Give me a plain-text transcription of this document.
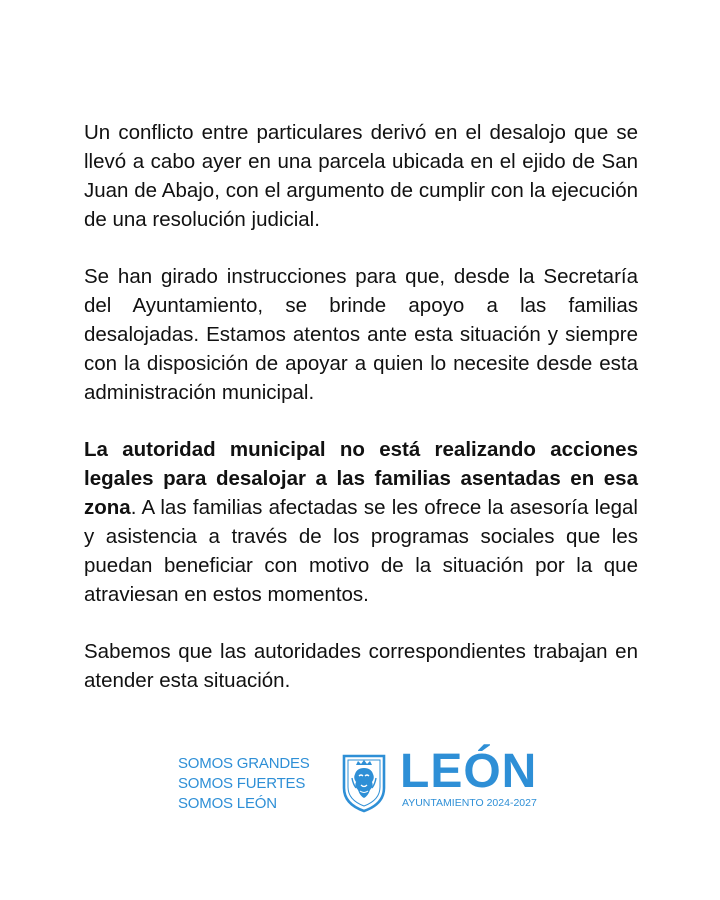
Un conflicto entre particulares derivó en el desalojo que se llevó a cabo ayer en una parcela ubicada en el ejido de San Juan de Abajo, con el argumento de cumplir con la ejecución de una resolución judicial.

Se han girado instrucciones para que, desde la Secretaría del Ayuntamiento, se brinde apoyo a las familias desalojadas. Estamos atentos ante esta situación y siempre con la disposición de apoyar a quien lo necesite desde esta administración municipal.

La autoridad municipal no está realizando acciones legales para desalojar a las familias asentadas en esa zona. A las familias afectadas se les ofrece la asesoría legal y asistencia a través de los programas sociales que les puedan beneficiar con motivo de la situación por la que atraviesan en estos momentos.

Sabemos que las autoridades correspondientes trabajan en atender esta situación.

SOMOS GRANDES
SOMOS FUERTES
SOMOS LEÓN
LEÓN
AYUNTAMIENTO 2024-2027
